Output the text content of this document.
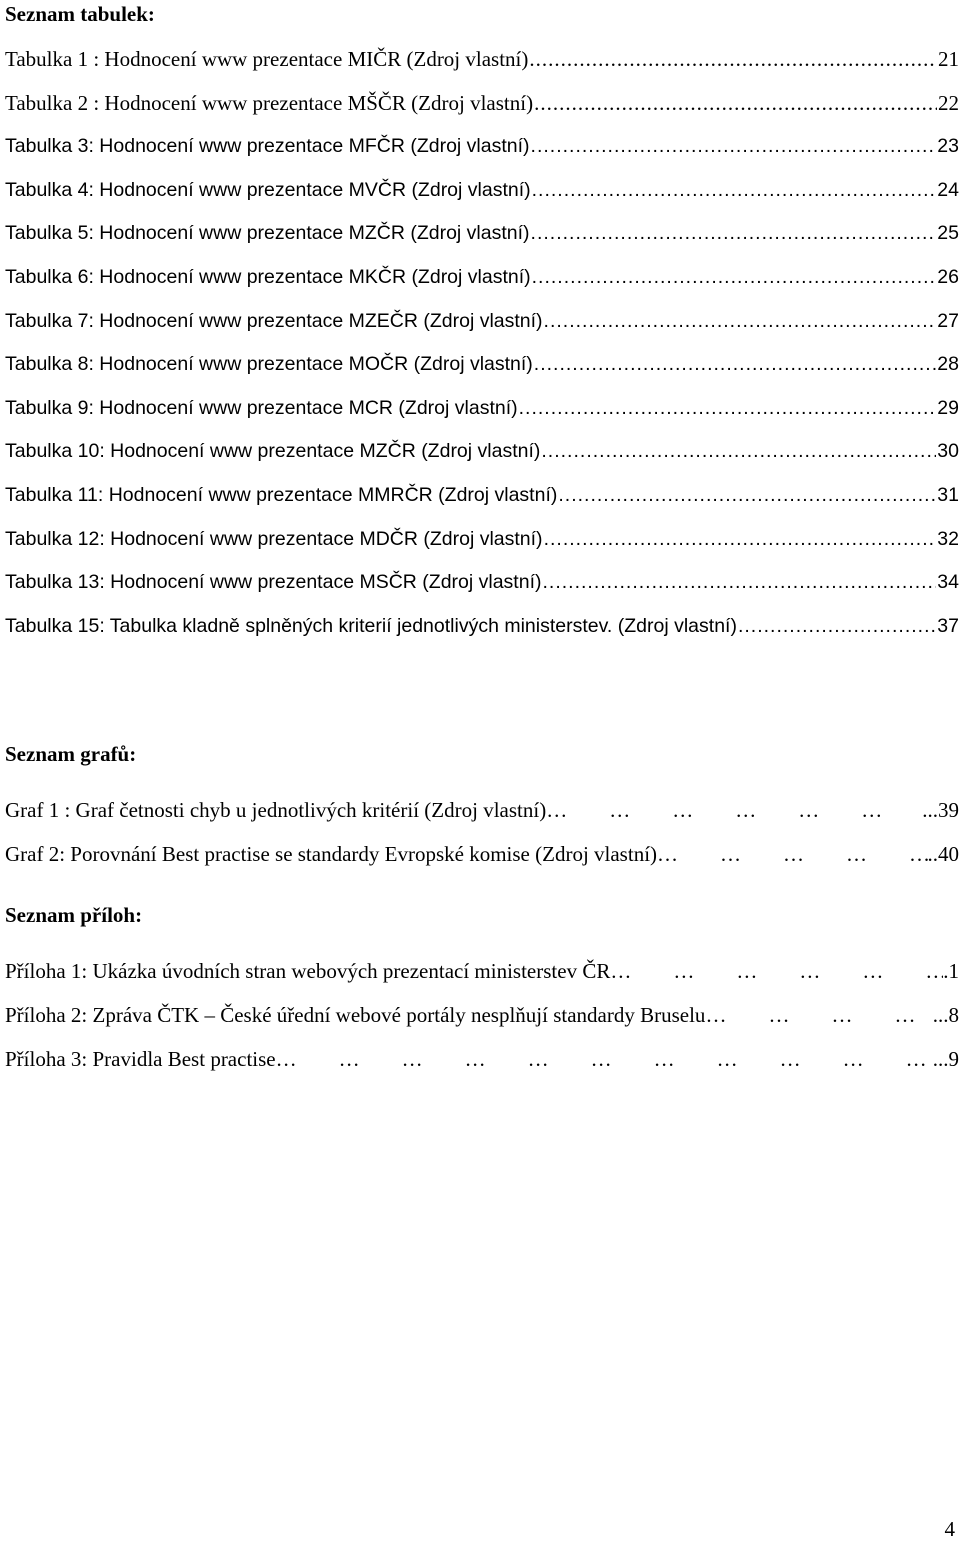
Seznam tabulek:
Tabulka 1 : Hodnocení www prezentace MIČR (Zdroj vlastní) .....	21
Tabulka 2 : Hodnocení www prezentace MŠČR (Zdroj vlastní) .....	22
Tabulka 3: Hodnocení www prezentace MFČR (Zdroj vlastní) .....	23
Tabulka 4: Hodnocení www prezentace MVČR (Zdroj vlastní) .....	24
Tabulka 5: Hodnocení www prezentace MZČR (Zdroj vlastní) .....	25
Tabulka 6: Hodnocení www prezentace MKČR (Zdroj vlastní) .....	26
Tabulka 7: Hodnocení www prezentace MZEČR (Zdroj vlastní) .....	27
Tabulka 8: Hodnocení www prezentace MOČR (Zdroj vlastní) .....	28
Tabulka 9: Hodnocení www prezentace MCR (Zdroj vlastní) .....	29
Tabulka 10: Hodnocení www prezentace MZČR (Zdroj vlastní) .....	30
Tabulka 11: Hodnocení www prezentace MMRČR (Zdroj vlastní) .....	31
Tabulka 12: Hodnocení www prezentace MDČR (Zdroj vlastní) .....	32
Tabulka 13: Hodnocení www prezentace MSČR (Zdroj vlastní) .....	34
Tabulka 15: Tabulka kladně splněných kriterií jednotlivých ministerstev. (Zdroj vlastní) .....	37
Seznam grafů:
Graf 1 : Graf četnosti chyb u jednotlivých kritérií (Zdroj vlastní) … … … … … … … … … … … … … … … …	...39
Graf 2: Porovnání Best practise se standardy Evropské komise (Zdroj vlastní) … … … … … … … … … … … … … … … …	..40
Seznam příloh:
Příloha 1: Ukázka úvodních stran webových prezentací ministerstev ČR … … … … … … … … … … … … … … … …	.1
Příloha 2: Zpráva ČTK – České úřední webové portály nesplňují standardy Bruselu … … … … … … … … … … … … … … … …	...8
Příloha 3: Pravidla Best practise … … … … … … … … … … … … … … … …	...9
4
